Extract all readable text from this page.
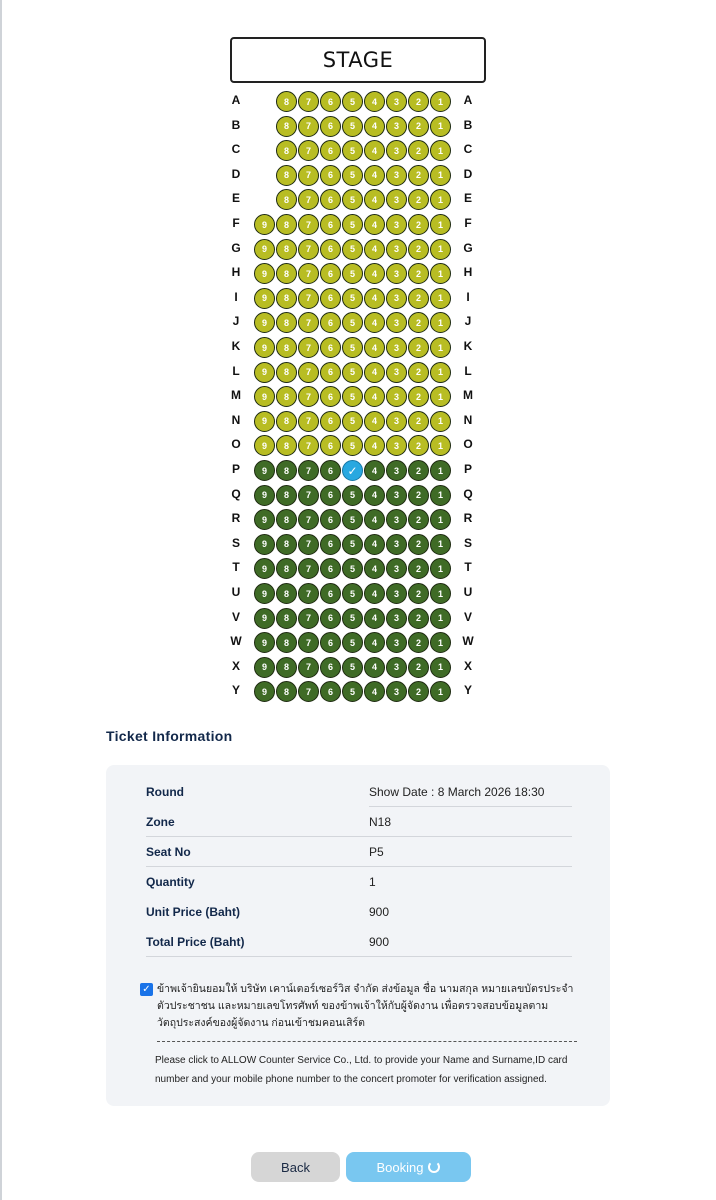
STAGE
A	8	7	6	5	4	3	2	1	A
B	8	7	6	5	4	3	2	1	B
C	8	7	6	5	4	3	2	1	C
D	8	7	6	5	4	3	2	1	D
E	8	7	6	5	4	3	2	1	E
F	9	8	7	6	5	4	3	2	1	F
G	9	8	7	6	5	4	3	2	1	G
H	9	8	7	6	5	4	3	2	1	H
I	9	8	7	6	5	4	3	2	1	I
J	9	8	7	6	5	4	3	2	1	J
K	9	8	7	6	5	4	3	2	1	K
L	9	8	7	6	5	4	3	2	1	L
M	9	8	7	6	5	4	3	2	1	M
N	9	8	7	6	5	4	3	2	1	N
O	9	8	7	6	5	4	3	2	1	O
P	9	8	7	6	✓	4	3	2	1	P
Q	9	8	7	6	5	4	3	2	1	Q
R	9	8	7	6	5	4	3	2	1	R
S	9	8	7	6	5	4	3	2	1	S
T	9	8	7	6	5	4	3	2	1	T
U	9	8	7	6	5	4	3	2	1	U
V	9	8	7	6	5	4	3	2	1	V
W	9	8	7	6	5	4	3	2	1	W
X	9	8	7	6	5	4	3	2	1	X
Y	9	8	7	6	5	4	3	2	1	Y
Ticket Information
Round	Show Date : 8 March 2026 18:30
Zone	N18
Seat No	P5
Quantity	1
Unit Price (Baht)	900
Total Price (Baht)	900
✓ ข้าพเจ้ายินยอมให้ บริษัท เคาน์เตอร์เซอร์วิส จำกัด ส่งข้อมูล ชื่อ นามสกุล หมายเลขบัตรประจำตัวประชาชน และหมายเลขโทรศัพท์ ของข้าพเจ้าให้กับผู้จัดงาน เพื่อตรวจสอบข้อมูลตามวัตถุประสงค์ของผู้จัดงาน ก่อนเข้าชมคอนเสิร์ต
Please click to ALLOW Counter Service Co., Ltd. to provide your Name and Surname,ID card number and your mobile phone number to the concert promoter for verification assigned.
Back	Booking
